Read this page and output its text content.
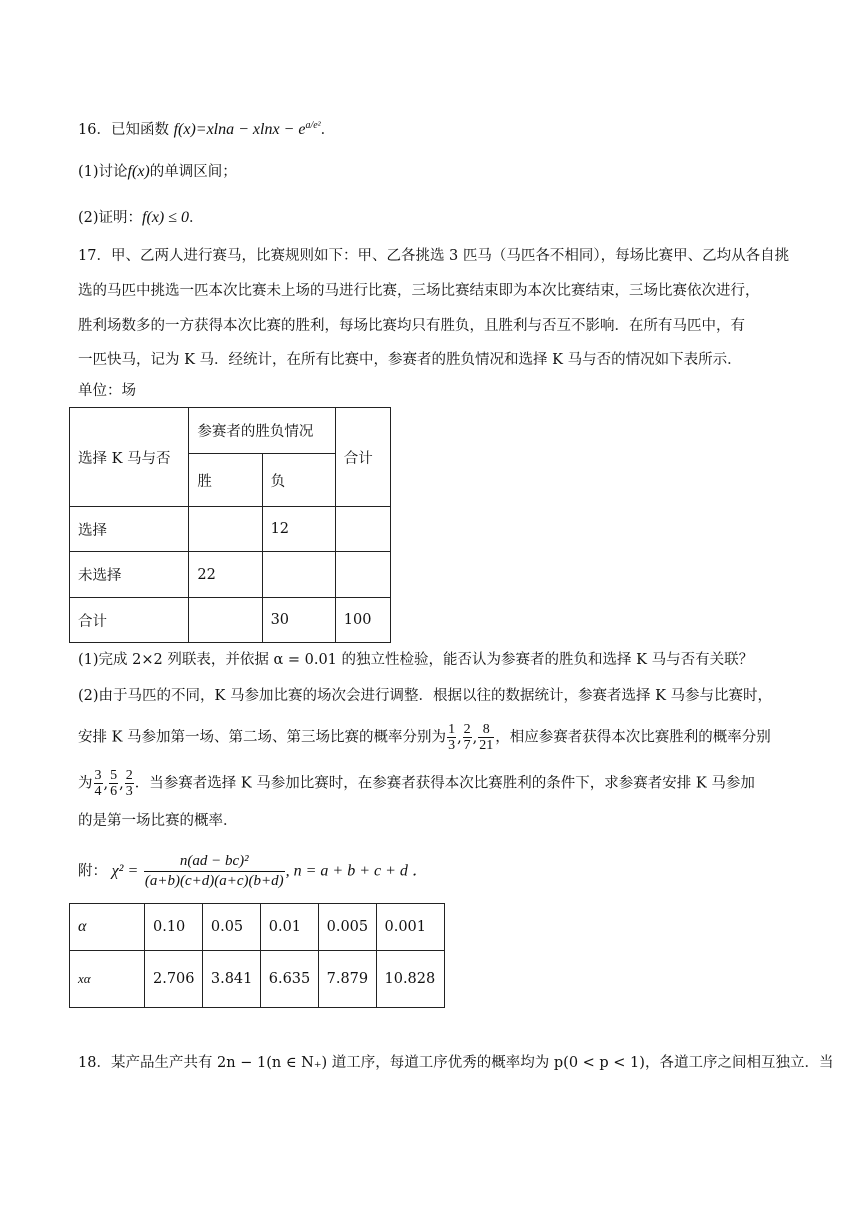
16．已知函数 $f(x)=xlna - xlnx - e^{a/e^2}$．
(1)讨论f(x)的单调区间；
(2)证明：f(x) ≤ 0．
17．甲、乙两人进行赛马，比赛规则如下：甲、乙各挑选 3 匹马（马匹各不相同），每场比赛甲、乙均从各自挑
选的马匹中挑选一匹本次比赛未上场的马进行比赛，三场比赛结束即为本次比赛结束，三场比赛依次进行，
胜利场数多的一方获得本次比赛的胜利，每场比赛均只有胜负，且胜利与否互不影响．在所有马匹中，有
一匹快马，记为 K 马．经统计，在所有比赛中，参赛者的胜负情况和选择 K 马与否的情况如下表所示．
单位：场
选择 K 马与否	参赛者的胜负情况		合计
	胜	负	
选择		12	
未选择	22		
合计		30	100
(1)完成 2×2 列联表，并依据 α = 0.01 的独立性检验，能否认为参赛者的胜负和选择 K 马与否有关联？
(2)由于马匹的不同，K 马参加比赛的场次会进行调整．根据以往的数据统计，参赛者选择 K 马参与比赛时，
安排 K 马参加第一场、第二场、第三场比赛的概率分别为 $\frac{1}{3}$ , $\frac{2}{7}$ , $\frac{8}{21}$ ，相应参赛者获得本次比赛胜利的概率分别
为 $\frac{3}{4}$ , $\frac{5}{6}$ , $\frac{2}{3}$ ．当参赛者选择 K 马参加比赛时，在参赛者获得本次比赛胜利的条件下，求参赛者安排 K 马参加
的是第一场比赛的概率．
附： $\chi^2 = \frac{\text{n(ad − bc)²}}{(a+b)(c+d)(a+c)(b+d)}$ , n = a + b + c + d ．
α	0.10	0.05	0.01	0.005	0.001
xα	2.706	3.841	6.635	7.879	10.828
18．某产品生产共有 2n − 1(n ∈ N₊) 道工序，每道工序优秀的概率均为 p(0 < p < 1)，各道工序之间相互独立．当
